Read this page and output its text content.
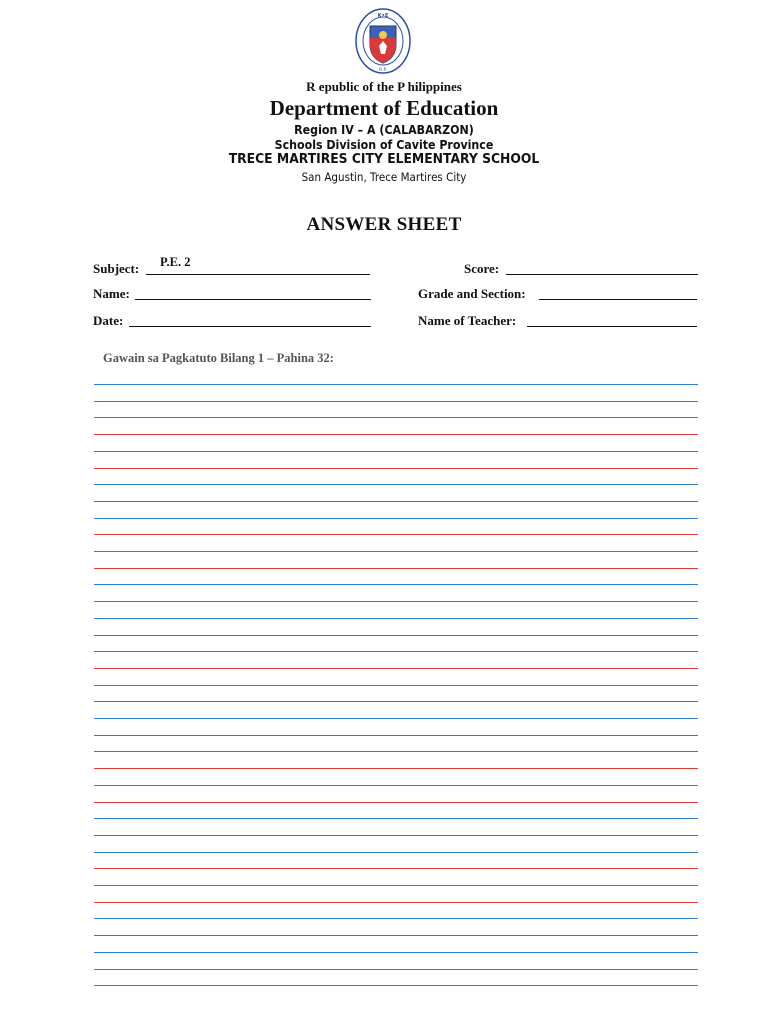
K•E
R.P.
R epublic of the P hilippines
Department of Education
Region IV – A (CALABARZON)
Schools Division of Cavite Province
TRECE MARTIRES CITY ELEMENTARY SCHOOL
San Agustin, Trece Martires City
ANSWER SHEET
Subject: P.E. 2	Score:
Name:	Grade and Section:
Date:	Name of Teacher:
Gawain sa Pagkatuto Bilang 1 – Pahina 32:
